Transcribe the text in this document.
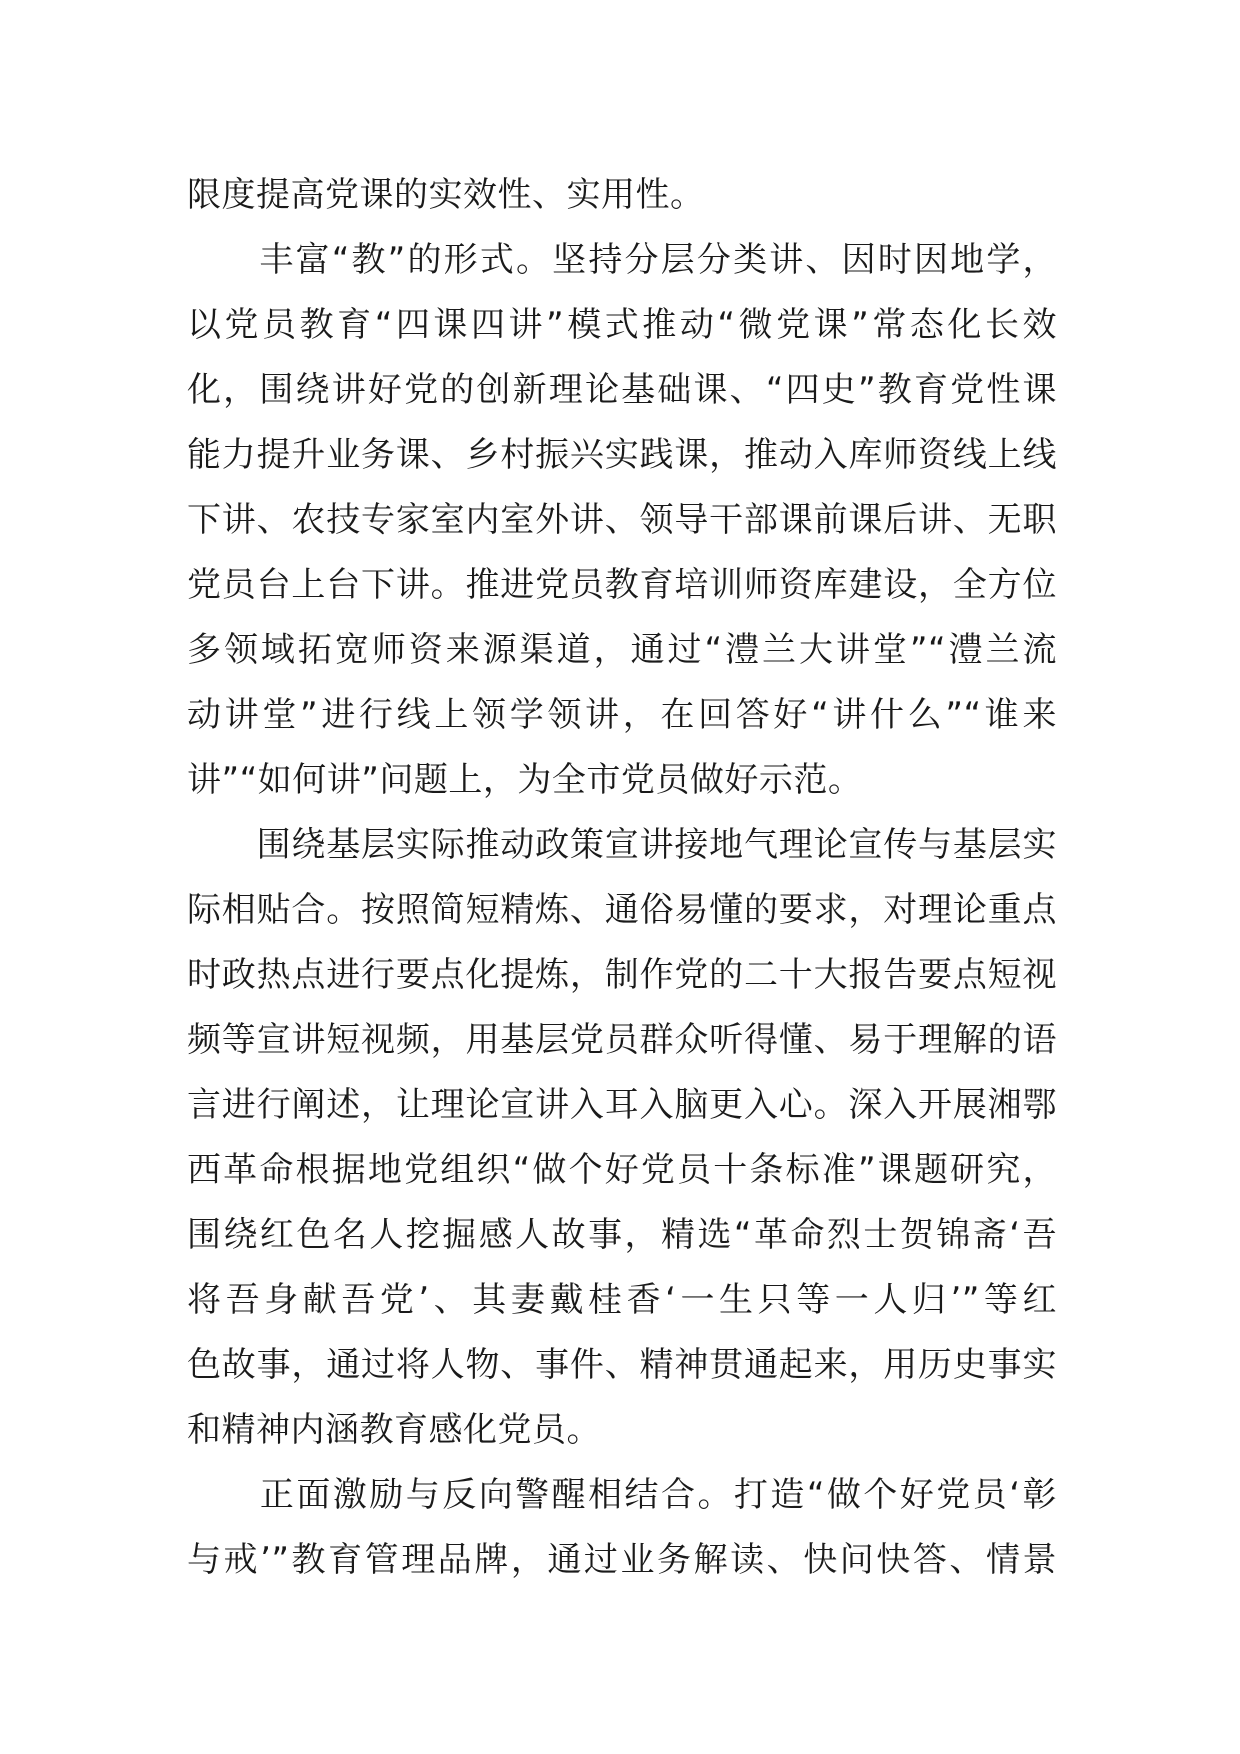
限度提高党课的实效性、实用性。
　　丰富“教”的形式。坚持分层分类讲、因时因地学，
以党员教育“四课四讲”模式推动“微党课”常态化长效
化，围绕讲好党的创新理论基础课、“四史”教育党性课
能力提升业务课、乡村振兴实践课，推动入库师资线上线
下讲、农技专家室内室外讲、领导干部课前课后讲、无职
党员台上台下讲。推进党员教育培训师资库建设，全方位
多领域拓宽师资来源渠道，通过“澧兰大讲堂”“澧兰流
动讲堂”进行线上领学领讲，在回答好“讲什么”“谁来
讲”“如何讲”问题上，为全市党员做好示范。
　　围绕基层实际推动政策宣讲接地气理论宣传与基层实
际相贴合。按照简短精炼、通俗易懂的要求，对理论重点
时政热点进行要点化提炼，制作党的二十大报告要点短视
频等宣讲短视频，用基层党员群众听得懂、易于理解的语
言进行阐述，让理论宣讲入耳入脑更入心。深入开展湘鄂
西革命根据地党组织“做个好党员十条标准”课题研究，
围绕红色名人挖掘感人故事，精选“革命烈士贺锦斋‘吾
将吾身献吾党’、其妻戴桂香‘一生只等一人归’”等红
色故事，通过将人物、事件、精神贯通起来，用历史事实
和精神内涵教育感化党员。
　　正面激励与反向警醒相结合。打造“做个好党员‘彰
与戒’”教育管理品牌，通过业务解读、快问快答、情景
